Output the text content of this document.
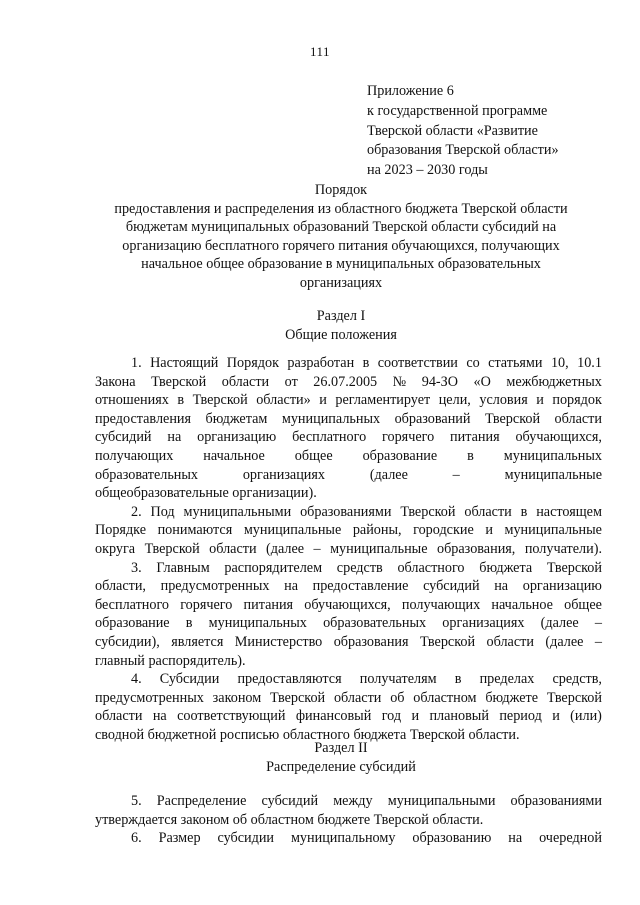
111
Приложение 6
к государственной программе
Тверской области «Развитие
образования Тверской области»
на 2023 – 2030 годы
Порядок
предоставления и распределения из областного бюджета Тверской области
бюджетам муниципальных образований Тверской области субсидий на
организацию бесплатного горячего питания обучающихся, получающих
начальное общее образование в муниципальных образовательных
организациях
Раздел I
Общие положения
1. Настоящий Порядок разработан в соответствии со статьями 10, 10.1
Закона Тверской области от 26.07.2005 № 94-ЗО «О межбюджетных
отношениях в Тверской области» и регламентирует цели, условия и порядок
предоставления бюджетам муниципальных образований Тверской области
субсидий на организацию бесплатного горячего питания обучающихся,
получающих начальное общее образование в муниципальных
образовательных	организациях	(далее	–	муниципальные
общеобразовательные организации).
2. Под муниципальными образованиями Тверской области в настоящем
Порядке понимаются муниципальные районы, городские и муниципальные
округа Тверской области (далее – муниципальные образования, получатели).
3. Главным распорядителем средств областного бюджета Тверской
области, предусмотренных на предоставление субсидий на организацию
бесплатного горячего питания обучающихся, получающих начальное общее
образование в муниципальных образовательных организациях (далее –
субсидии), является Министерство образования Тверской области (далее –
главный распорядитель).
4. Субсидии предоставляются получателям в пределах средств,
предусмотренных законом Тверской области об областном бюджете Тверской
области на соответствующий финансовый год и плановый период и (или)
сводной бюджетной росписью областного бюджета Тверской области.
Раздел II
Распределение субсидий
5. Распределение субсидий между муниципальными образованиями
утверждается законом об областном бюджете Тверской области.
6. Размер субсидии муниципальному образованию на очередной
